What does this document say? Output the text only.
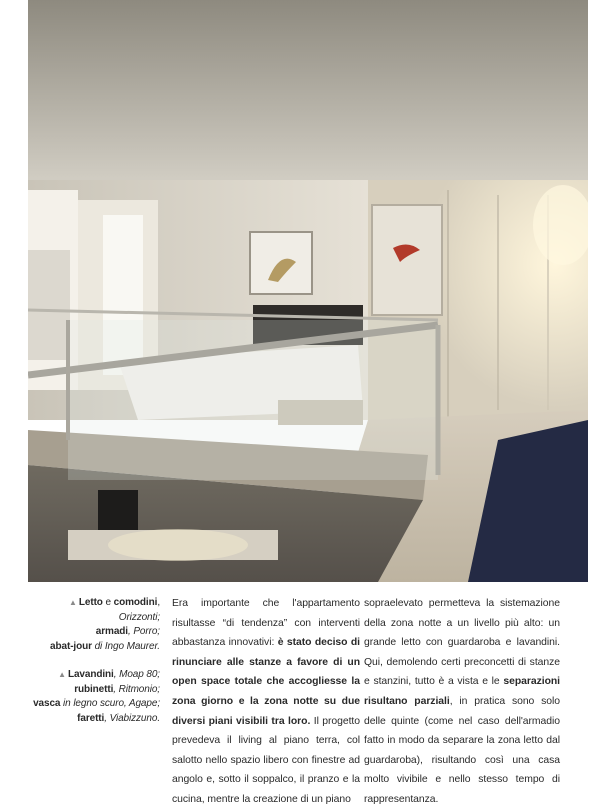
▲ Letto e comodini, Orizzonti;
armadi, Porro;
abat-jour di Ingo Maurer.

▲ Lavandini, Moap 80;
rubinetti, Ritmonio;
vasca in legno scuro, Agape;
faretti, Viabizzuno.

Era importante che l'appartamento risultasse “di tendenza” con interventi abbastanza innovativi: è stato deciso di rinunciare alle stanze a favore di un open space totale che accogliesse la zona giorno e la zona notte su due diversi piani visibili tra loro. Il progetto prevedeva il living al piano terra, col salotto nello spazio libero con finestre ad angolo e, sotto il soppalco, il pranzo e la cucina, mentre la creazione di un piano
sopraelevato permetteva la sistemazione della zona notte a un livello più alto: un grande letto con guardaroba e lavandini. Qui, demolendo certi preconcetti di stanze e stanzini, tutto è a vista e le separazioni risultano parziali, in pratica sono solo delle quinte (come nel caso dell'armadio fatto in modo da separare la zona letto dal guardaroba), risultando così una casa molto vivibile e nello stesso tempo di rappresentanza.
